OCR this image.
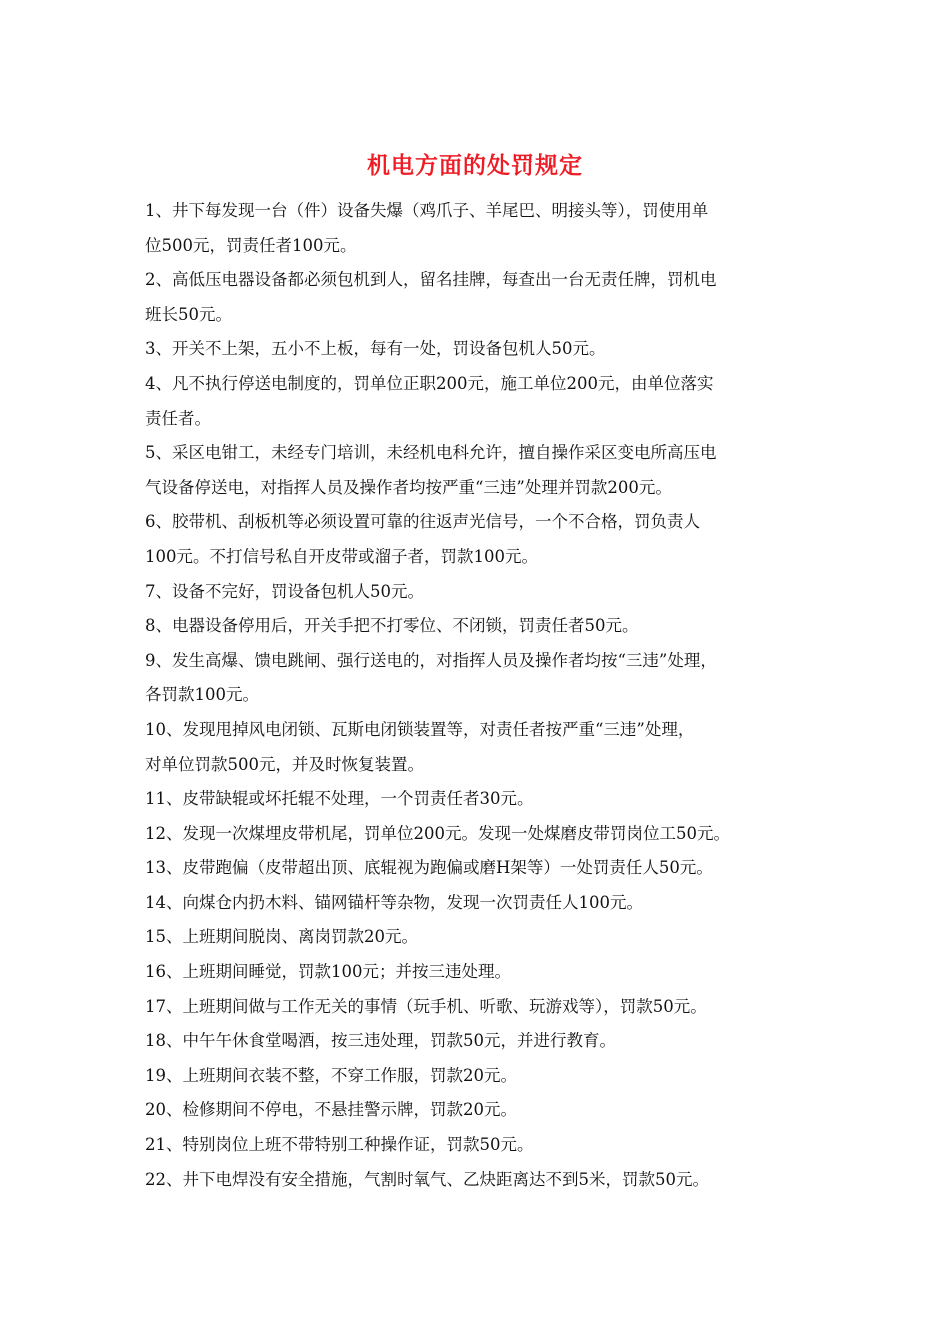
机电方面的处罚规定
1、井下每发现一台（件）设备失爆（鸡爪子、羊尾巴、明接头等），罚使用单
位500元，罚责任者100元。
2、高低压电器设备都必须包机到人，留名挂牌，每查出一台无责任牌，罚机电
班长50元。
3、开关不上架，五小不上板，每有一处，罚设备包机人50元。
4、凡不执行停送电制度的，罚单位正职200元，施工单位200元，由单位落实
责任者。
5、采区电钳工，未经专门培训，未经机电科允许，擅自操作采区变电所高压电
气设备停送电，对指挥人员及操作者均按严重“三违”处理并罚款200元。
6、胶带机、刮板机等必须设置可靠的往返声光信号，一个不合格，罚负责人
100元。不打信号私自开皮带或溜子者，罚款100元。
7、设备不完好，罚设备包机人50元。
8、电器设备停用后，开关手把不打零位、不闭锁，罚责任者50元。
9、发生高爆、馈电跳闸、强行送电的，对指挥人员及操作者均按“三违”处理，
各罚款100元。
10、发现甩掉风电闭锁、瓦斯电闭锁装置等，对责任者按严重“三违”处理，
对单位罚款500元，并及时恢复装置。
11、皮带缺辊或坏托辊不处理，一个罚责任者30元。
12、发现一次煤埋皮带机尾，罚单位200元。发现一处煤磨皮带罚岗位工50元。
13、皮带跑偏（皮带超出顶、底辊视为跑偏或磨H架等）一处罚责任人50元。
14、向煤仓内扔木料、锚网锚杆等杂物，发现一次罚责任人100元。
15、上班期间脱岗、离岗罚款20元。
16、上班期间睡觉，罚款100元；并按三违处理。
17、上班期间做与工作无关的事情（玩手机、听歌、玩游戏等），罚款50元。
18、中午午休食堂喝酒，按三违处理，罚款50元，并进行教育。
19、上班期间衣装不整，不穿工作服，罚款20元。
20、检修期间不停电，不悬挂警示牌，罚款20元。
21、特别岗位上班不带特别工种操作证，罚款50元。
22、井下电焊没有安全措施，气割时氧气、乙炔距离达不到5米，罚款50元。
